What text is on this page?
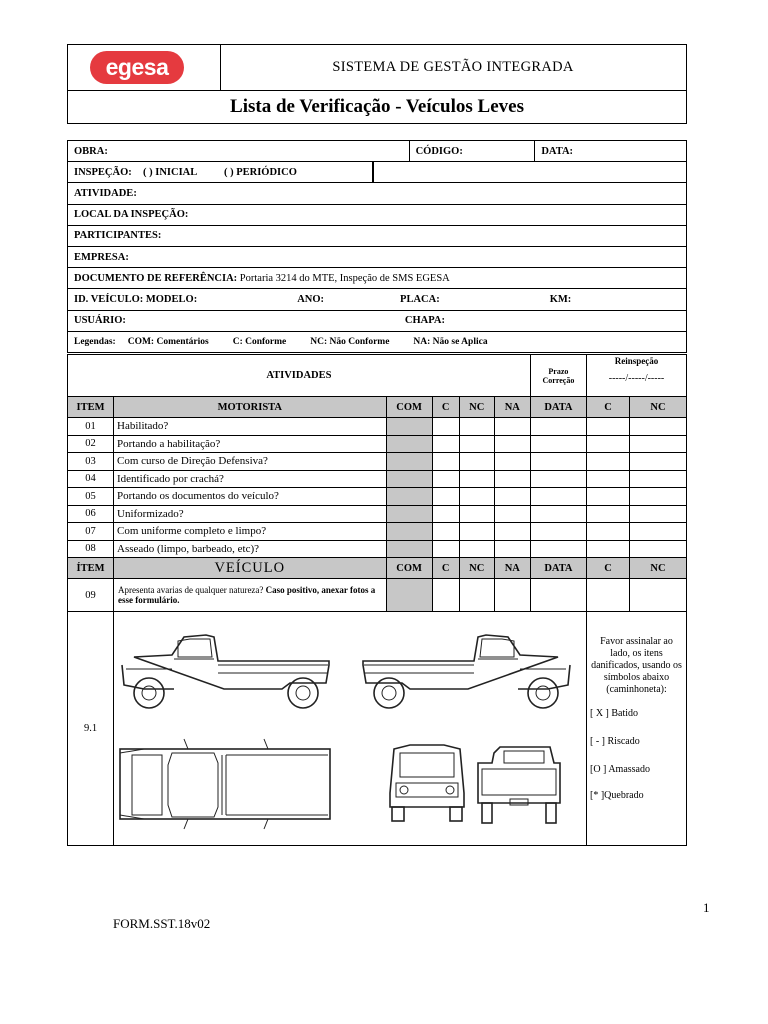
egesa	SISTEMA DE GESTÃO INTEGRADA
Lista de Verificação - Veículos Leves
OBRA:		CÓDIGO:	DATA:
INSPEÇÃO: ( ) INICIAL ( ) PERIÓDICO			
ATIVIDADE:			
LOCAL DA INSPEÇÃO:			
PARTICIPANTES:			
EMPRESA:			
DOCUMENTO DE REFERÊNCIA: Portaria 3214 do MTE, Inspeção de SMS EGESA			
ID. VEÍCULO: MODELO: ANO: PLACA: KM:			
USUÁRIO: CHAPA:			
Legendas: COM: Comentários C: Conforme NC: Não Conforme NA: Não se Aplica			
ATIVIDADES						Prazo Correção	Reinspeção
-----/-----/-----	

ITEM	MOTORISTA	COM	C	NC	NA	DATA	C	NC
01	Habilitado?							
02	Portando a habilitação?							
03	Com curso de Direção Defensiva?							
04	Identificado por crachá?							
05	Portando os documentos do veículo?							
06	Uniformizado?							
07	Com uniforme completo e limpo?							
08	Asseado (limpo, barbeado, etc)?							
ÍTEM	VEÍCULO	COM	C	NC	NA	DATA	C	NC
09	Apresenta avarias de qualquer natureza? Caso positivo, anexar fotos a esse formulário.							
9.1							Favor assinalar ao lado, os itens danificados, usando os símbolos abaixo (caminhoneta):
[ X ] Batido
[ - ] Riscado
[O ] Amassado
[* ]Quebrado	
1
FORM.SST.18v02
